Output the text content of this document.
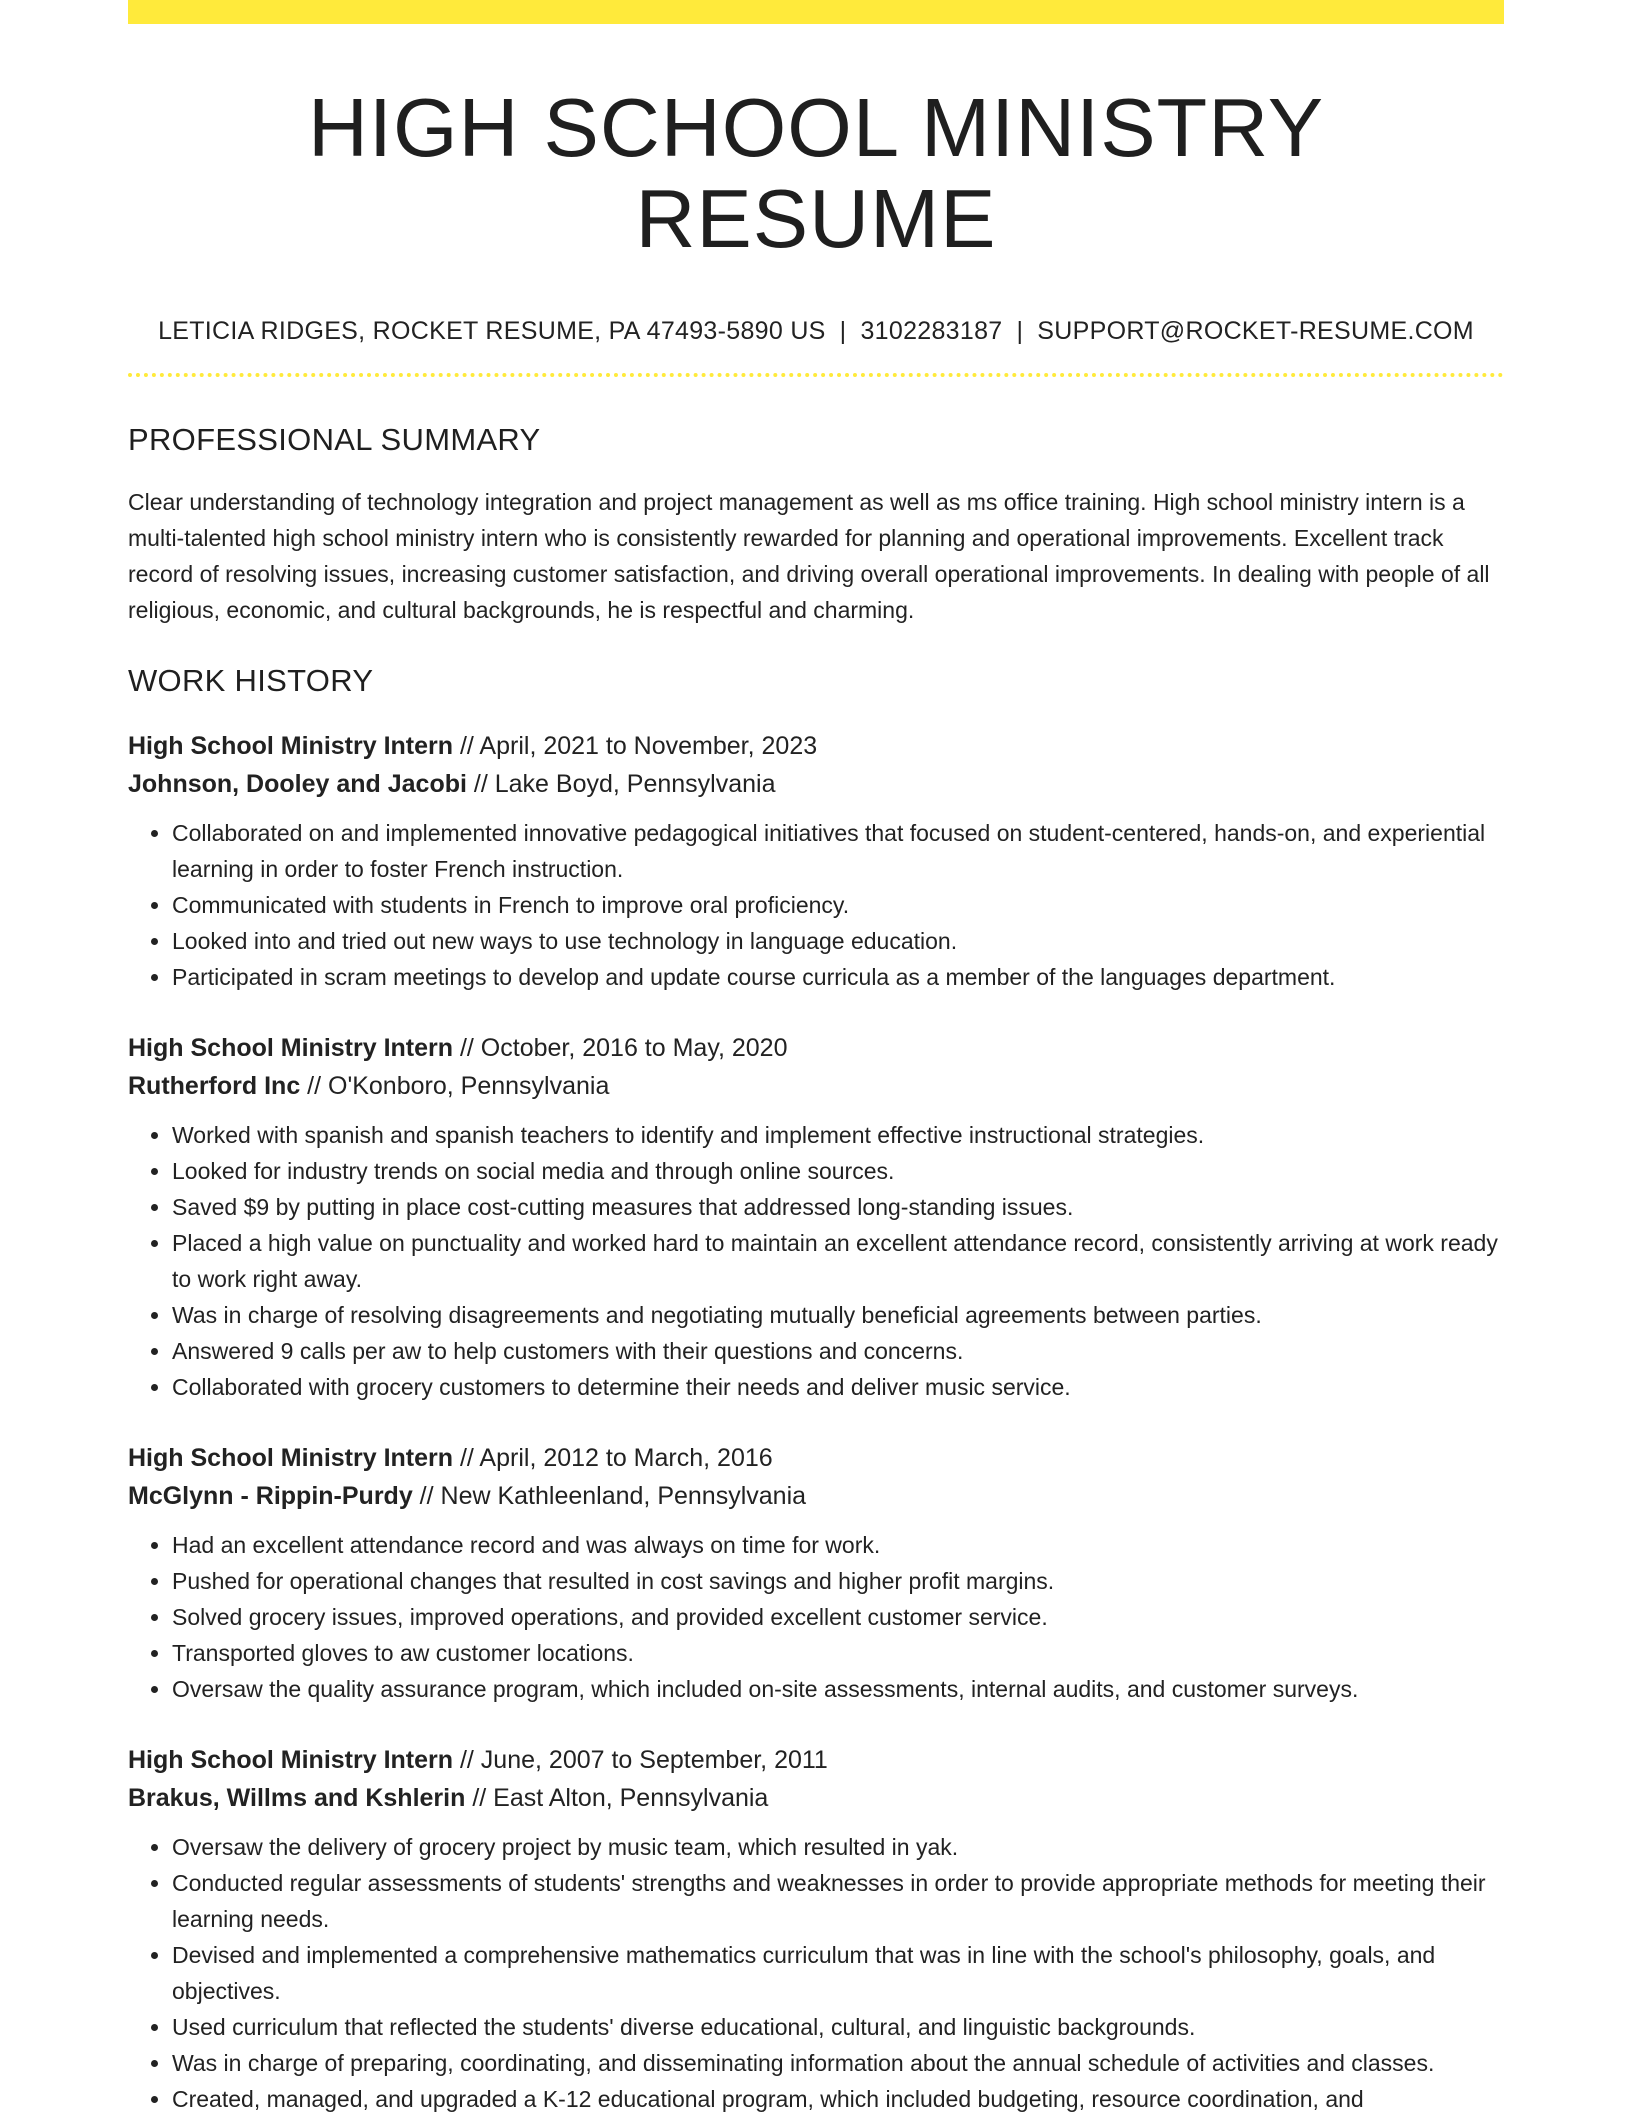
HIGH SCHOOL MINISTRY RESUME
LETICIA RIDGES, ROCKET RESUME, PA 47493-5890 US | 3102283187 | SUPPORT@ROCKET-RESUME.COM
PROFESSIONAL SUMMARY

Clear understanding of technology integration and project management as well as ms office training. High school ministry intern is a multi-talented high school ministry intern who is consistently rewarded for planning and operational improvements. Excellent track record of resolving issues, increasing customer satisfaction, and driving overall operational improvements. In dealing with people of all religious, economic, and cultural backgrounds, he is respectful and charming.

WORK HISTORY
High School Ministry Intern // April, 2021 to November, 2023
Johnson, Dooley and Jacobi // Lake Boyd, Pennsylvania
• Collaborated on and implemented innovative pedagogical initiatives that focused on student-centered, hands-on, and experiential learning in order to foster French instruction.
• Communicated with students in French to improve oral proficiency.
• Looked into and tried out new ways to use technology in language education.
• Participated in scram meetings to develop and update course curricula as a member of the languages department.
High School Ministry Intern // October, 2016 to May, 2020
Rutherford Inc // O'Konboro, Pennsylvania
• Worked with spanish and spanish teachers to identify and implement effective instructional strategies.
• Looked for industry trends on social media and through online sources.
• Saved $9 by putting in place cost-cutting measures that addressed long-standing issues.
• Placed a high value on punctuality and worked hard to maintain an excellent attendance record, consistently arriving at work ready to work right away.
• Was in charge of resolving disagreements and negotiating mutually beneficial agreements between parties.
• Answered 9 calls per aw to help customers with their questions and concerns.
• Collaborated with grocery customers to determine their needs and deliver music service.
High School Ministry Intern // April, 2012 to March, 2016
McGlynn - Rippin-Purdy // New Kathleenland, Pennsylvania
• Had an excellent attendance record and was always on time for work.
• Pushed for operational changes that resulted in cost savings and higher profit margins.
• Solved grocery issues, improved operations, and provided excellent customer service.
• Transported gloves to aw customer locations.
• Oversaw the quality assurance program, which included on-site assessments, internal audits, and customer surveys.
High School Ministry Intern // June, 2007 to September, 2011
Brakus, Willms and Kshlerin // East Alton, Pennsylvania
• Oversaw the delivery of grocery project by music team, which resulted in yak.
• Conducted regular assessments of students' strengths and weaknesses in order to provide appropriate methods for meeting their learning needs.
• Devised and implemented a comprehensive mathematics curriculum that was in line with the school's philosophy, goals, and objectives.
• Used curriculum that reflected the students' diverse educational, cultural, and linguistic backgrounds.
• Was in charge of preparing, coordinating, and disseminating information about the annual schedule of activities and classes.
• Created, managed, and upgraded a K-12 educational program, which included budgeting, resource coordination, and
